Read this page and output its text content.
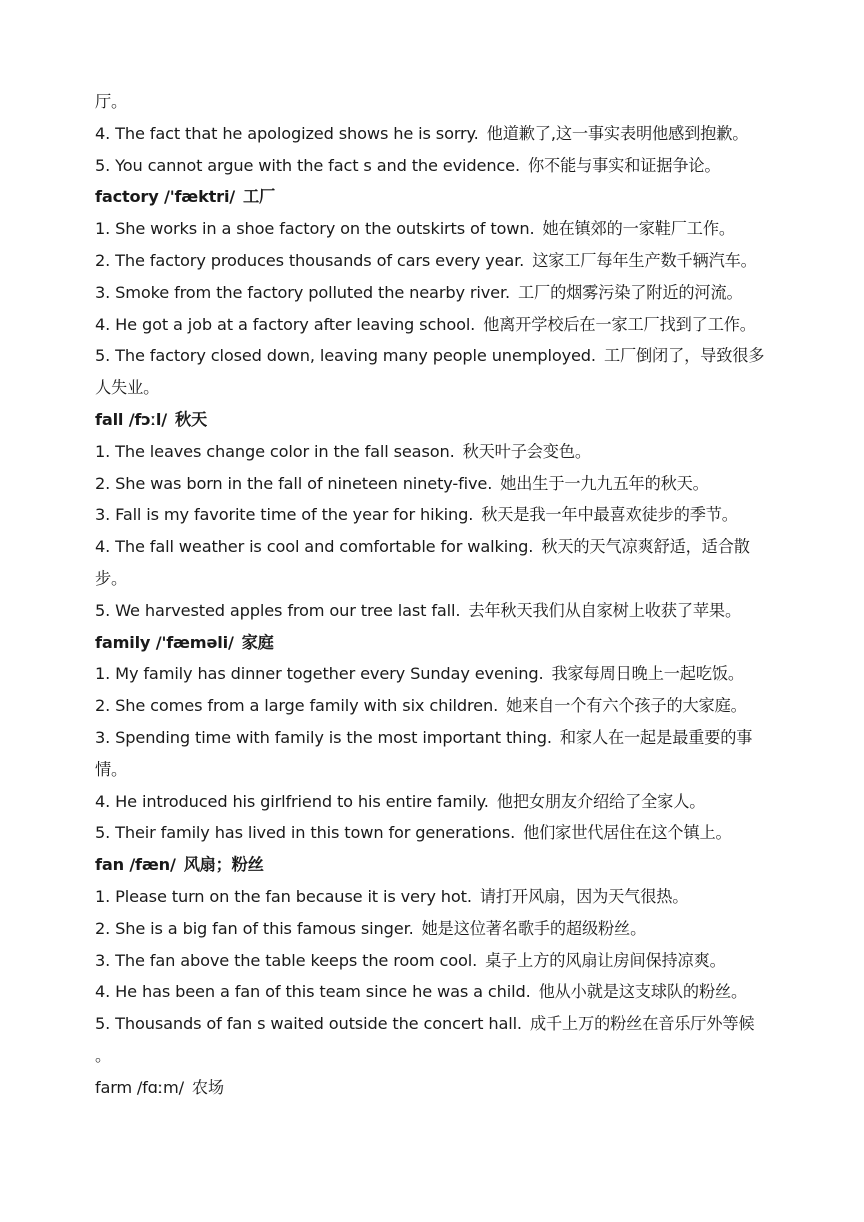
厅。
4. The fact that he apologized shows he is sorry. 他道歉了,这一事实表明他感到抱歉。
5. You cannot argue with the fact s and the evidence. 你不能与事实和证据争论。
factory /'fæktri/ 工厂
1. She works in a shoe factory on the outskirts of town. 她在镇郊的一家鞋厂工作。
2. The factory produces thousands of cars every year. 这家工厂每年生产数千辆汽车。
3. Smoke from the factory polluted the nearby river. 工厂的烟雾污染了附近的河流。
4. He got a job at a factory after leaving school. 他离开学校后在一家工厂找到了工作。
5. The factory closed down, leaving many people unemployed. 工厂倒闭了，导致很多
人失业。
fall /fɔːl/ 秋天
1. The leaves change color in the fall season. 秋天叶子会变色。
2. She was born in the fall of nineteen ninety-five. 她出生于一九九五年的秋天。
3. Fall is my favorite time of the year for hiking. 秋天是我一年中最喜欢徒步的季节。
4. The fall weather is cool and comfortable for walking. 秋天的天气凉爽舒适，适合散
步。
5. We harvested apples from our tree last fall. 去年秋天我们从自家树上收获了苹果。
family /'fæməli/ 家庭
1. My family has dinner together every Sunday evening. 我家每周日晚上一起吃饭。
2. She comes from a large family with six children. 她来自一个有六个孩子的大家庭。
3. Spending time with family is the most important thing. 和家人在一起是最重要的事
情。
4. He introduced his girlfriend to his entire family. 他把女朋友介绍给了全家人。
5. Their family has lived in this town for generations. 他们家世代居住在这个镇上。
fan /fæn/ 风扇；粉丝
1. Please turn on the fan because it is very hot. 请打开风扇，因为天气很热。
2. She is a big fan of this famous singer. 她是这位著名歌手的超级粉丝。
3. The fan above the table keeps the room cool. 桌子上方的风扇让房间保持凉爽。
4. He has been a fan of this team since he was a child. 他从小就是这支球队的粉丝。
5. Thousands of fan s waited outside the concert hall. 成千上万的粉丝在音乐厅外等候
。
farm /fɑːm/ 农场
